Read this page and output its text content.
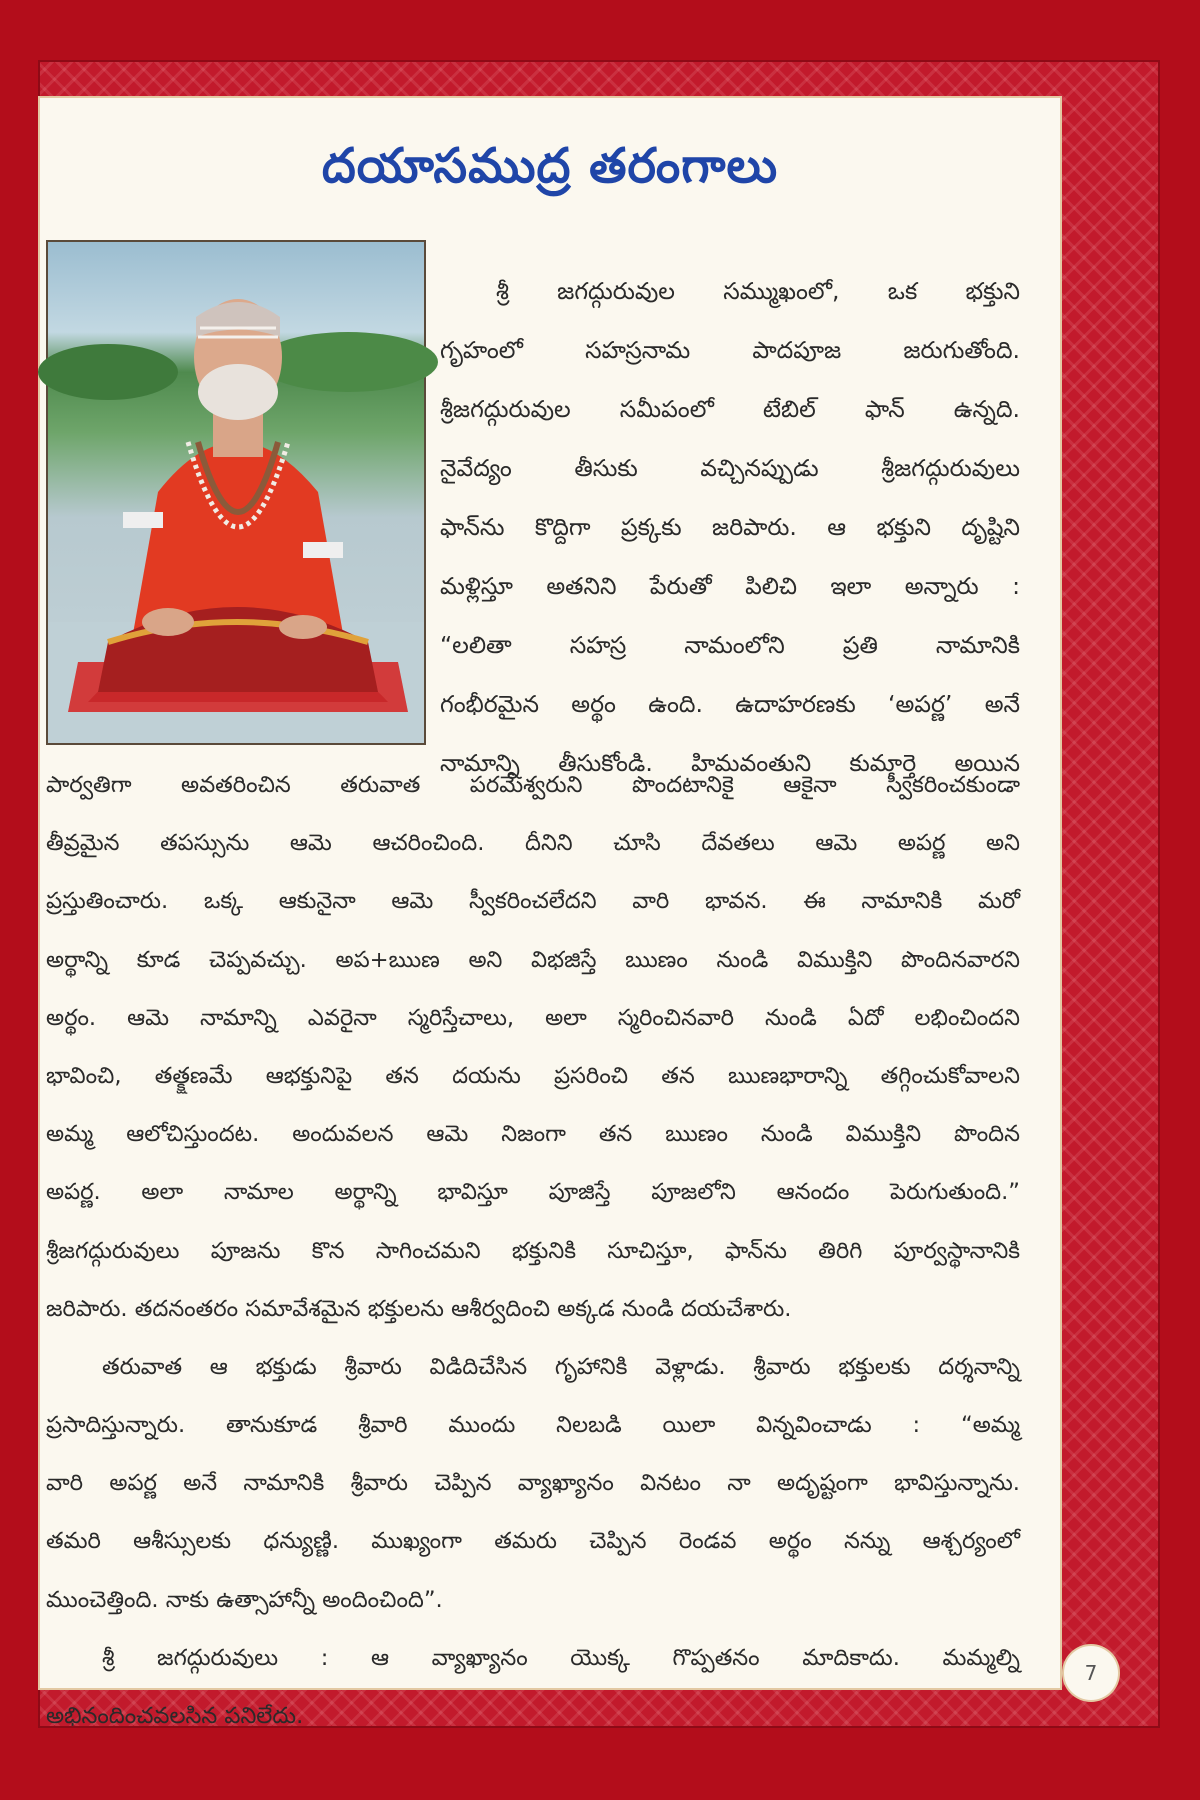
దయాసముద్ర తరంగాలు
శ్రీ జగద్గురువుల సమ్ముఖంలో, ఒక భక్తుని
గృహంలో సహస్రనామ పాదపూజ జరుగుతోంది.
శ్రీజగద్గురువుల సమీపంలో టేబిల్ ఫాన్ ఉన్నది.
నైవేద్యం తీసుకు వచ్చినప్పుడు శ్రీజగద్గురువులు
ఫాన్‌ను కొద్దిగా ప్రక్కకు జరిపారు. ఆ భక్తుని దృష్టిని
మళ్లిస్తూ అతనిని పేరుతో పిలిచి ఇలా అన్నారు :
“లలితా సహస్ర నామంలోని ప్రతి నామానికి
గంభీరమైన అర్థం ఉంది. ఉదాహరణకు ‘అపర్ణ’ అనే
నామాన్ని తీసుకోండి. హిమవంతుని కుమార్తె అయిన
పార్వతిగా అవతరించిన తరువాత పరమేశ్వరుని పొందటానికై ఆకైనా స్వీకరించకుండా
తీవ్రమైన తపస్సును ఆమె ఆచరించింది. దీనిని చూసి దేవతలు ఆమె అపర్ణ అని
ప్రస్తుతించారు. ఒక్క ఆకునైనా ఆమె స్వీకరించలేదని వారి భావన. ఈ నామానికి మరో
అర్థాన్ని కూడ చెప్పవచ్చు. అప+ఋణ అని విభజిస్తే ఋణం నుండి విముక్తిని పొందినవారని
అర్థం. ఆమె నామాన్ని ఎవరైనా స్మరిస్తేచాలు, అలా స్మరించినవారి నుండి ఏదో లభించిందని
భావించి, తత్క్షణమే ఆభక్తునిపై తన దయను ప్రసరించి తన ఋణభారాన్ని తగ్గించుకోవాలని
అమ్మ ఆలోచిస్తుందట. అందువలన ఆమె నిజంగా తన ఋణం నుండి విముక్తిని పొందిన
అపర్ణ. అలా నామాల అర్థాన్ని భావిస్తూ పూజిస్తే పూజలోని ఆనందం పెరుగుతుంది.”
శ్రీజగద్గురువులు పూజను కొన సాగించమని భక్తునికి సూచిస్తూ, ఫాన్‌ను తిరిగి పూర్వస్థానానికి
జరిపారు. తదనంతరం సమావేశమైన భక్తులను ఆశీర్వదించి అక్కడ నుండి దయచేశారు.
తరువాత ఆ భక్తుడు శ్రీవారు విడిదిచేసిన గృహానికి వెళ్లాడు. శ్రీవారు భక్తులకు దర్శనాన్ని
ప్రసాదిస్తున్నారు. తానుకూడ శ్రీవారి ముందు నిలబడి యిలా విన్నవించాడు : “అమ్మ
వారి అపర్ణ అనే నామానికి శ్రీవారు చెప్పిన వ్యాఖ్యానం వినటం నా అదృష్టంగా భావిస్తున్నాను.
తమరి ఆశీస్సులకు ధన్యుణ్ణి. ముఖ్యంగా తమరు చెప్పిన రెండవ అర్థం నన్ను ఆశ్చర్యంలో
ముంచెత్తింది. నాకు ఉత్సాహాన్నీ అందించింది”.
శ్రీ జగద్గురువులు : ఆ వ్యాఖ్యానం యొక్క గొప్పతనం మాదికాదు. మమ్మల్ని
అభినందించవలసిన పనిలేదు.
7
